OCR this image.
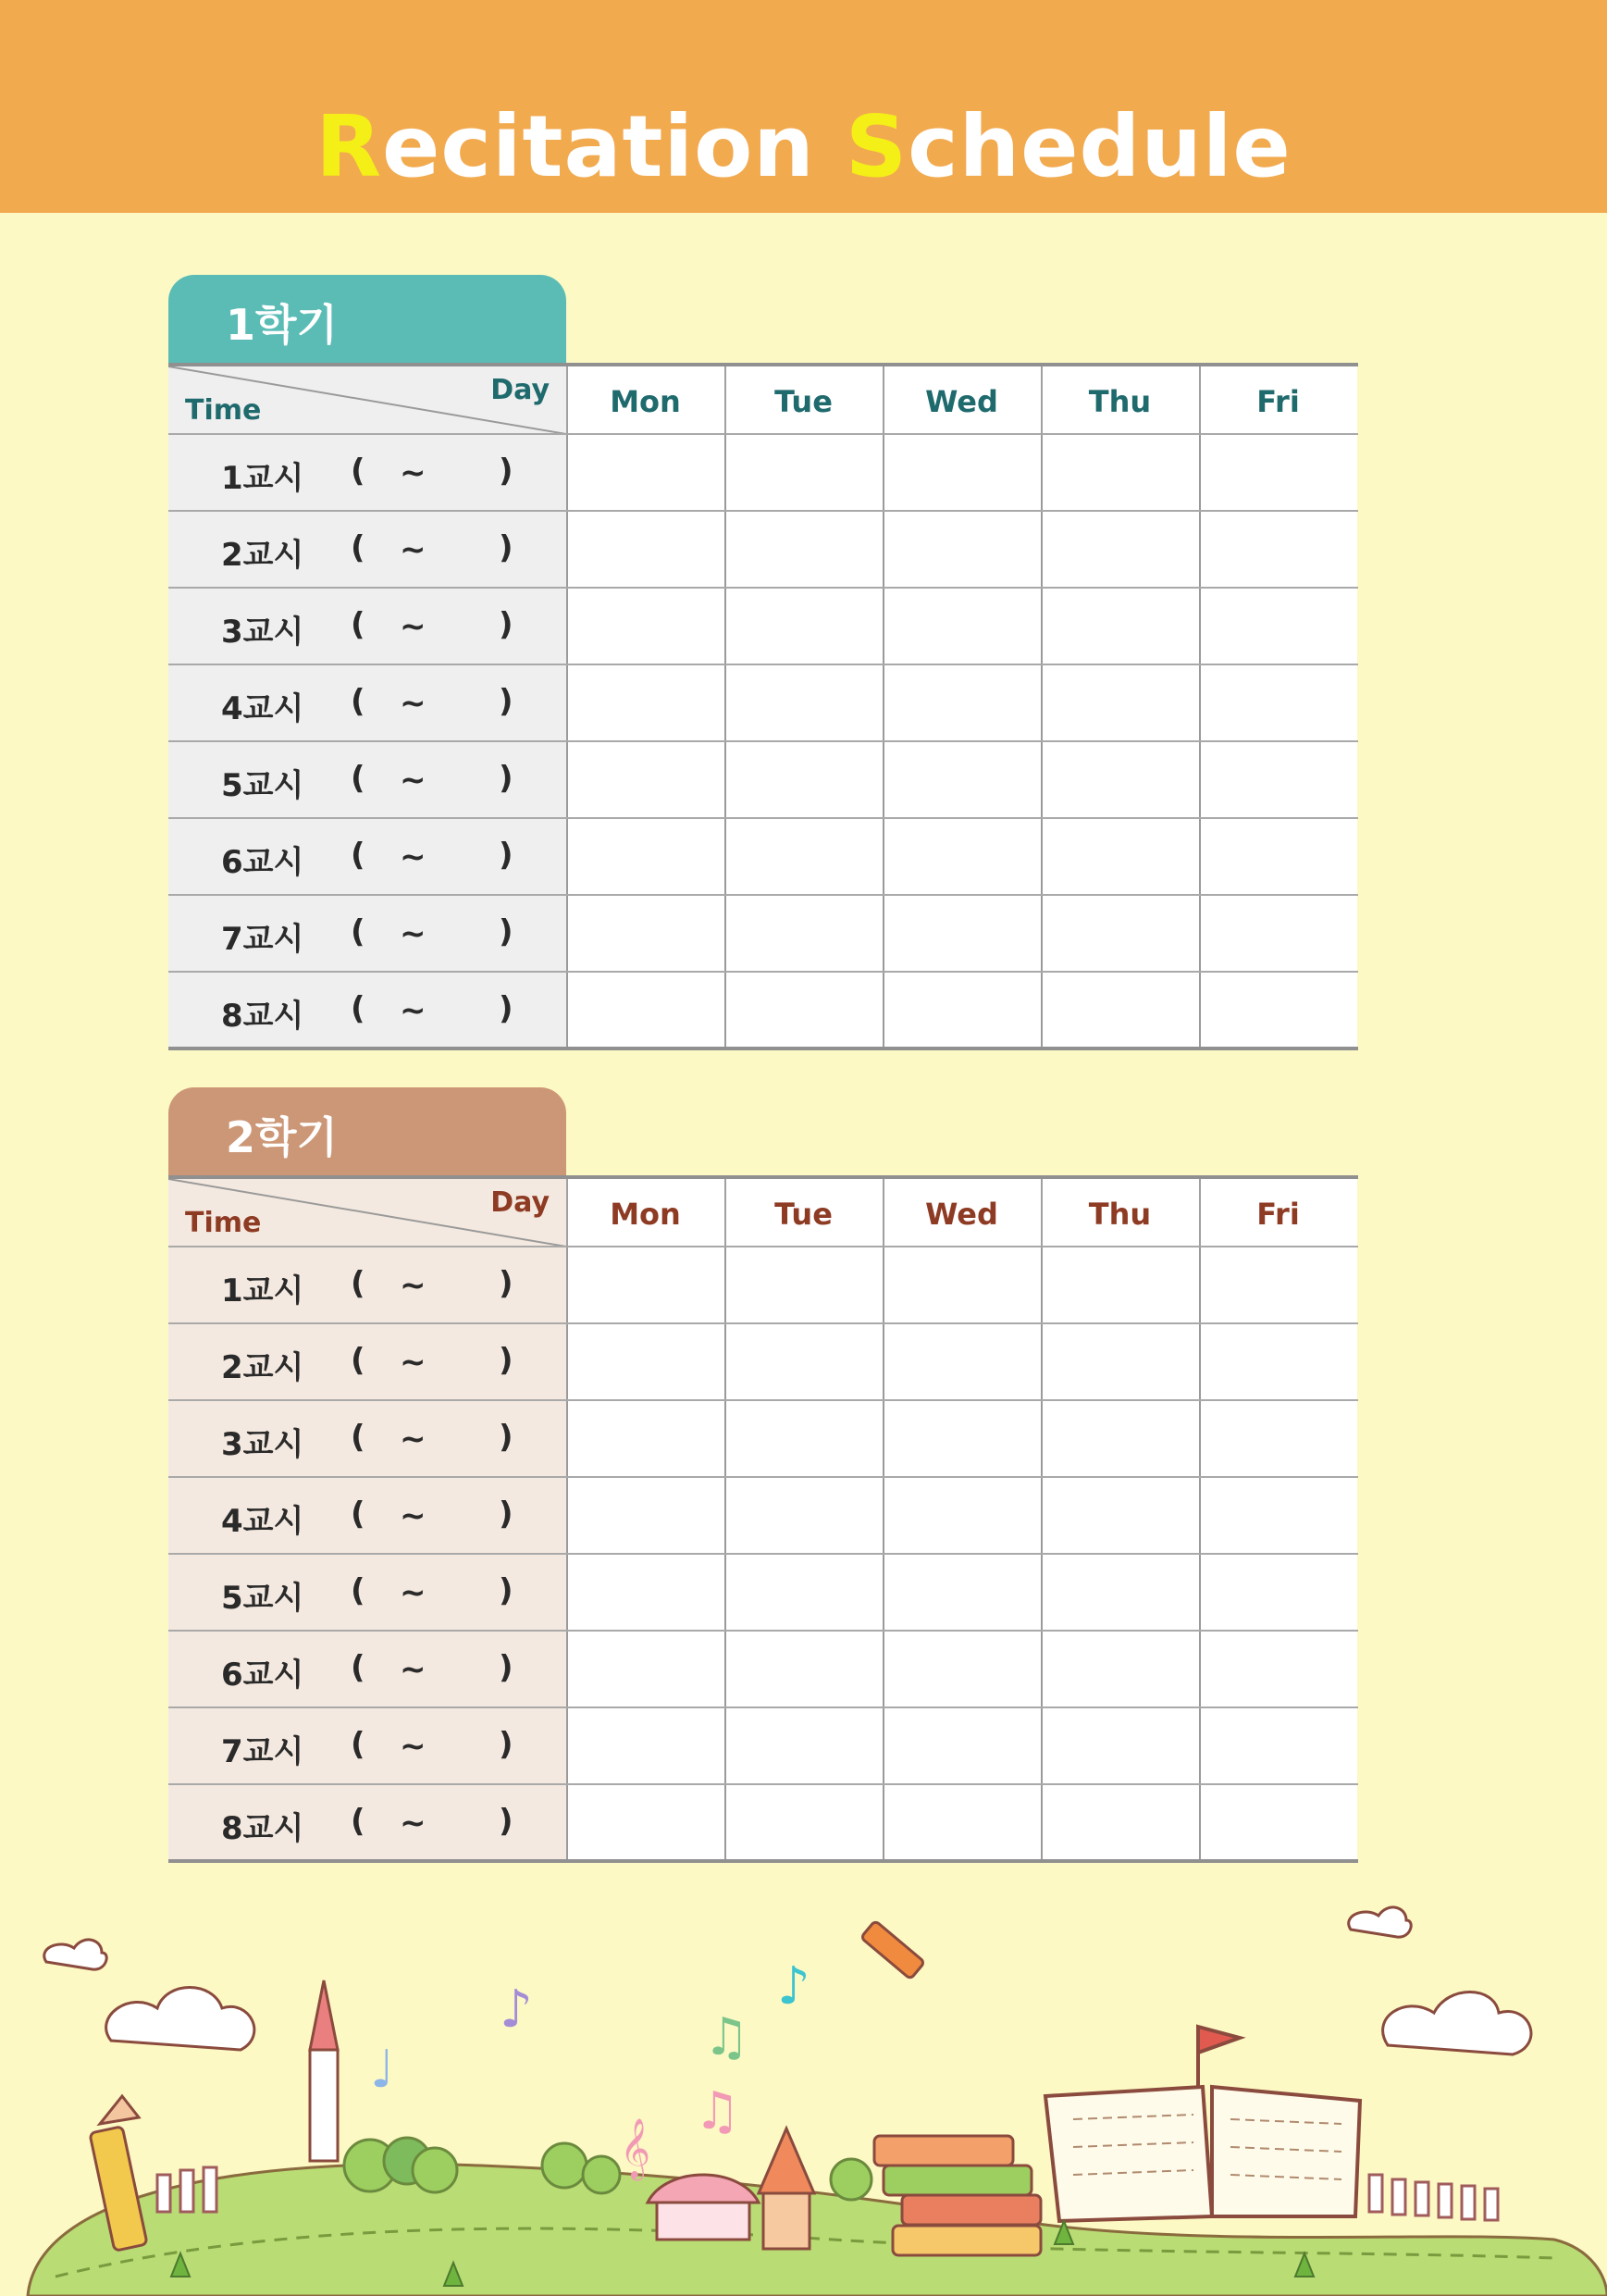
Recitation Schedule
1학기
Day
Time	Mon	Tue	Wed	Thu	Fri
1교시 ( ~ )
2교시 ( ~ )
3교시 ( ~ )
4교시 ( ~ )
5교시 ( ~ )
6교시 ( ~ )
7교시 ( ~ )
8교시 ( ~ )
2학기
Day
Time	Mon	Tue	Wed	Thu	Fri
1교시 ( ~ )
2교시 ( ~ )
3교시 ( ~ )
4교시 ( ~ )
5교시 ( ~ )
6교시 ( ~ )
7교시 ( ~ )
8교시 ( ~ )
♪
♩
♫
♪
♫
𝄞
